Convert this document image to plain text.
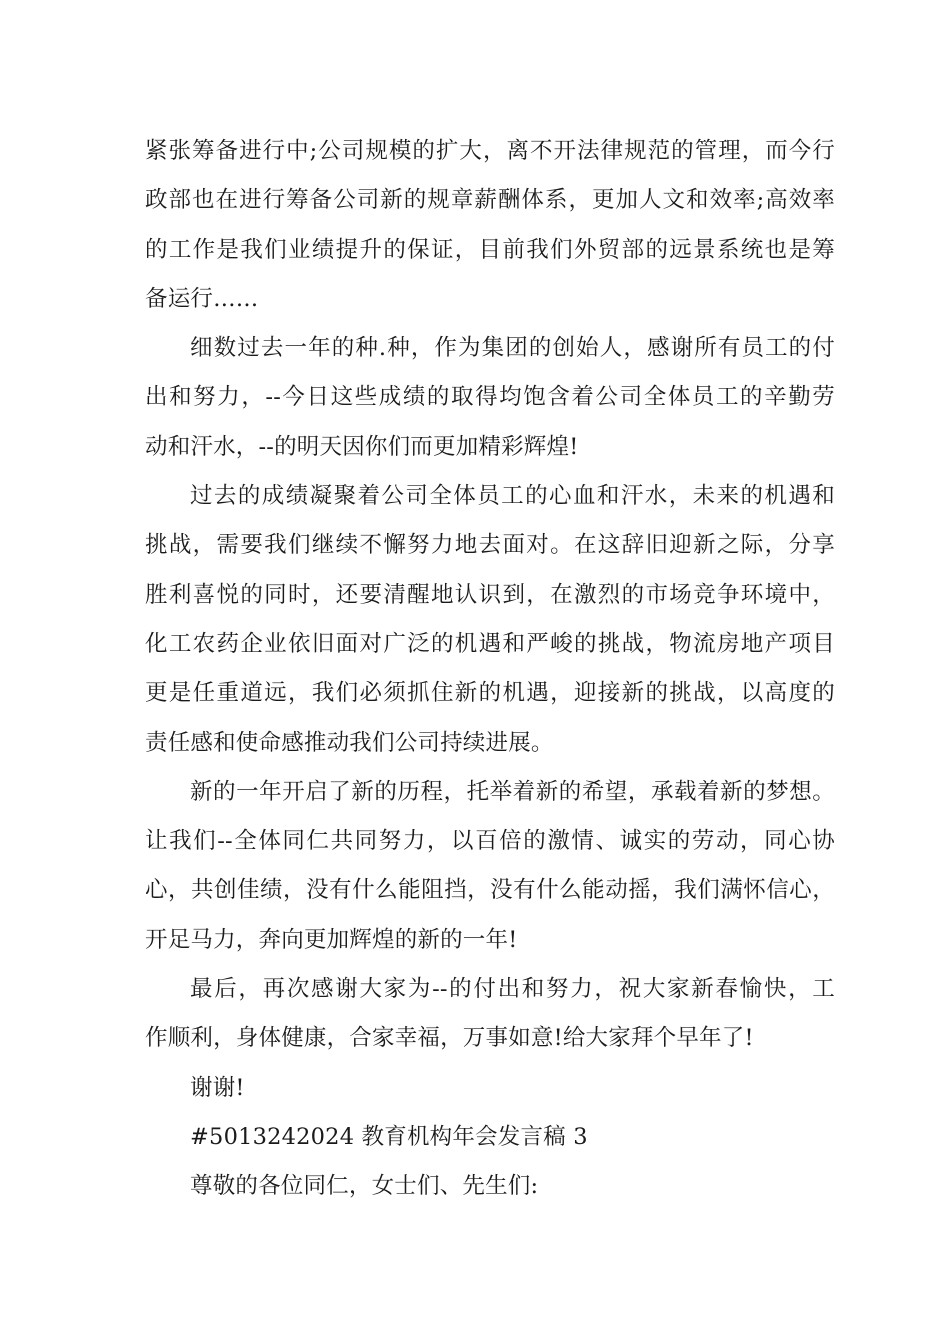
紧张筹备进行中;公司规模的扩大，离不开法律规范的管理，而今行
政部也在进行筹备公司新的规章薪酬体系，更加人文和效率;高效率
的工作是我们业绩提升的保证，目前我们外贸部的远景系统也是筹
备运行……
细数过去一年的种.种，作为集团的创始人，感谢所有员工的付
出和努力，--今日这些成绩的取得均饱含着公司全体员工的辛勤劳
动和汗水，--的明天因你们而更加精彩辉煌!
过去的成绩凝聚着公司全体员工的心血和汗水，未来的机遇和
挑战，需要我们继续不懈努力地去面对。在这辞旧迎新之际，分享
胜利喜悦的同时，还要清醒地认识到，在激烈的市场竞争环境中，
化工农药企业依旧面对广泛的机遇和严峻的挑战，物流房地产项目
更是任重道远，我们必须抓住新的机遇，迎接新的挑战，以高度的
责任感和使命感推动我们公司持续进展。
新的一年开启了新的历程，托举着新的希望，承载着新的梦想。
让我们--全体同仁共同努力，以百倍的激情、诚实的劳动，同心协
心，共创佳绩，没有什么能阻挡，没有什么能动摇，我们满怀信心，
开足马力，奔向更加辉煌的新的一年!
最后，再次感谢大家为--的付出和努力，祝大家新春愉快，工
作顺利，身体健康，合家幸福，万事如意!给大家拜个早年了!
谢谢!
#5013242024 教育机构年会发言稿 3
尊敬的各位同仁，女士们、先生们:
